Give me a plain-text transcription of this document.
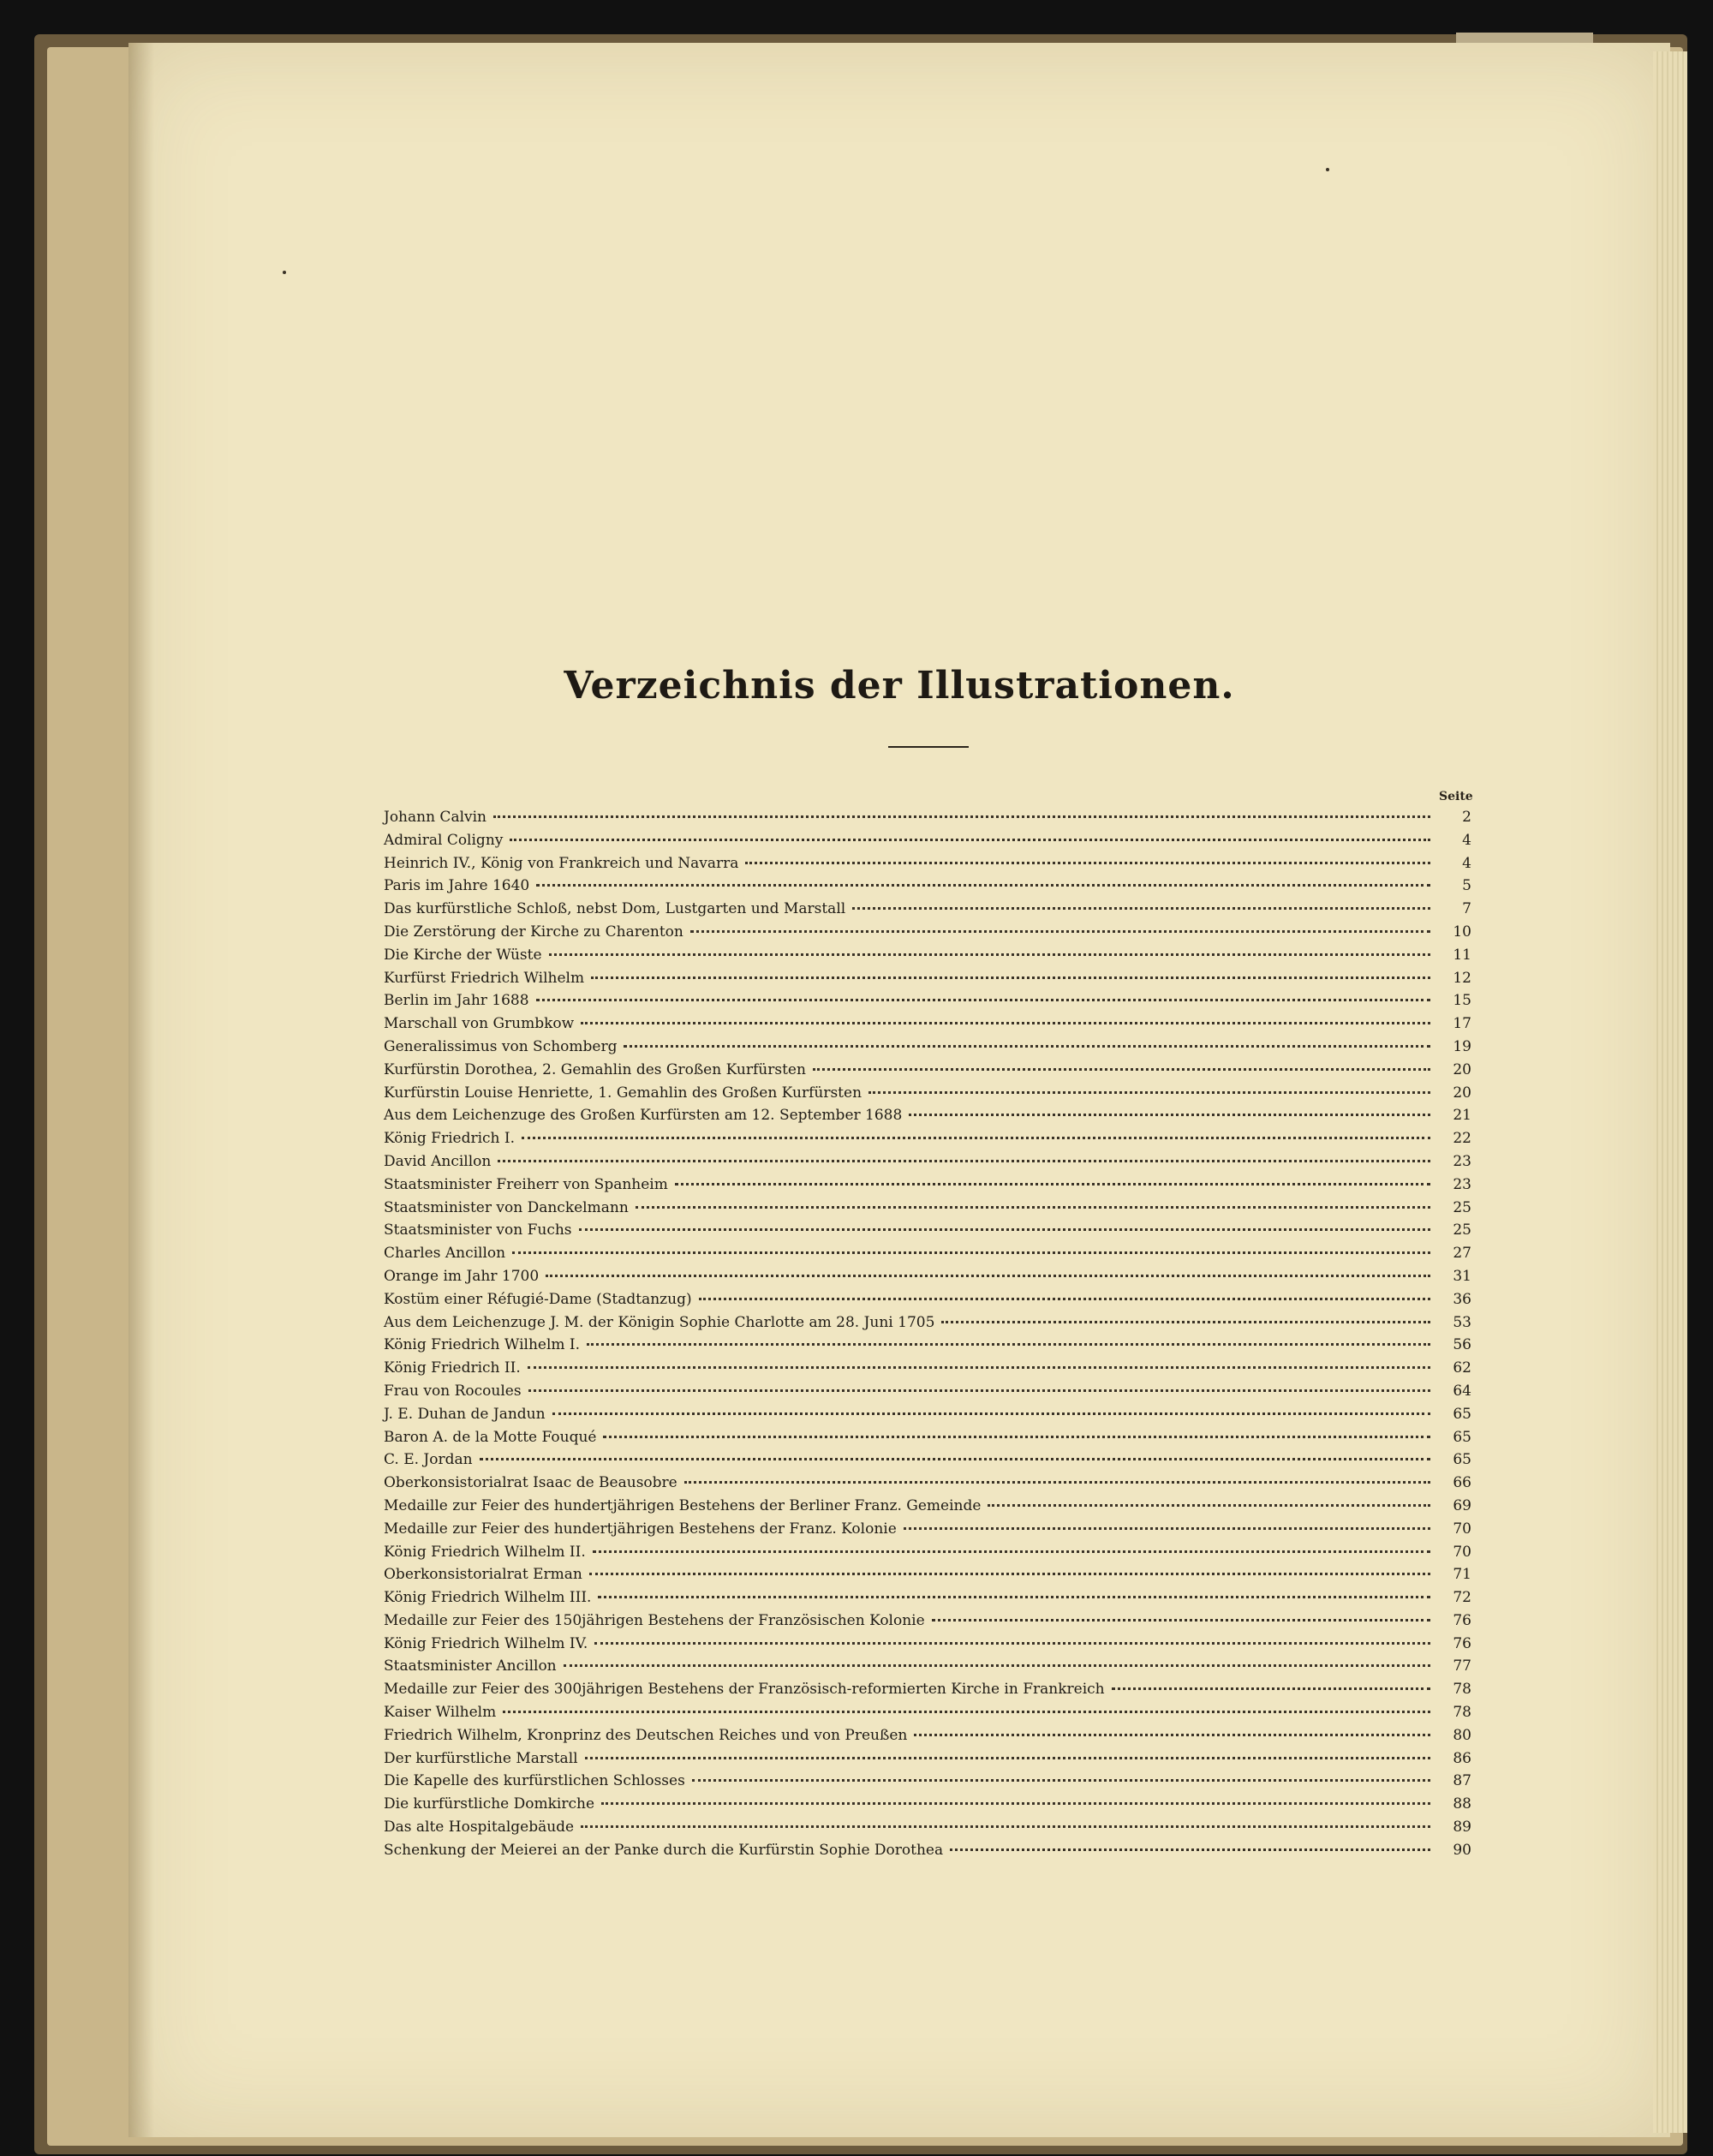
Verzeichnis der Illustrationen.
Seite
Johann Calvin	2
Admiral Coligny	4
Heinrich IV., König von Frankreich und Navarra	4
Paris im Jahre 1640	5
Das kurfürstliche Schloß, nebst Dom, Lustgarten und Marstall	7
Die Zerstörung der Kirche zu Charenton	10
Die Kirche der Wüste	11
Kurfürst Friedrich Wilhelm	12
Berlin im Jahr 1688	15
Marschall von Grumbkow	17
Generalissimus von Schomberg	19
Kurfürstin Dorothea, 2. Gemahlin des Großen Kurfürsten	20
Kurfürstin Louise Henriette, 1. Gemahlin des Großen Kurfürsten	20
Aus dem Leichenzuge des Großen Kurfürsten am 12. September 1688	21
König Friedrich I.	22
David Ancillon	23
Staatsminister Freiherr von Spanheim	23
Staatsminister von Danckelmann	25
Staatsminister von Fuchs	25
Charles Ancillon	27
Orange im Jahr 1700	31
Kostüm einer Réfugié-Dame (Stadtanzug)	36
Aus dem Leichenzuge J. M. der Königin Sophie Charlotte am 28. Juni 1705	53
König Friedrich Wilhelm I.	56
König Friedrich II.	62
Frau von Rocoules	64
J. E. Duhan de Jandun	65
Baron A. de la Motte Fouqué	65
C. E. Jordan	65
Oberkonsistorialrat Isaac de Beausobre	66
Medaille zur Feier des hundertjährigen Bestehens der Berliner Franz. Gemeinde	69
Medaille zur Feier des hundertjährigen Bestehens der Franz. Kolonie	70
König Friedrich Wilhelm II.	70
Oberkonsistorialrat Erman	71
König Friedrich Wilhelm III.	72
Medaille zur Feier des 150jährigen Bestehens der Französischen Kolonie	76
König Friedrich Wilhelm IV.	76
Staatsminister Ancillon	77
Medaille zur Feier des 300jährigen Bestehens der Französisch-reformierten Kirche in Frankreich	78
Kaiser Wilhelm	78
Friedrich Wilhelm, Kronprinz des Deutschen Reiches und von Preußen	80
Der kurfürstliche Marstall	86
Die Kapelle des kurfürstlichen Schlosses	87
Die kurfürstliche Domkirche	88
Das alte Hospitalgebäude	89
Schenkung der Meierei an der Panke durch die Kurfürstin Sophie Dorothea	90
